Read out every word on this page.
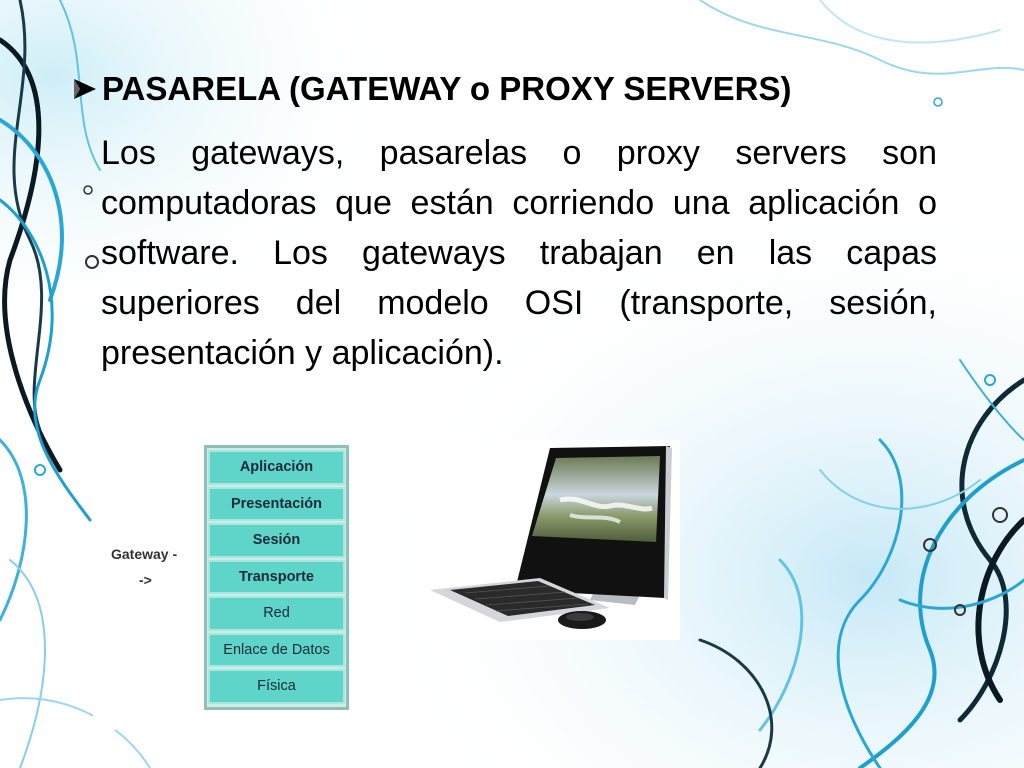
PASARELA (GATEWAY o PROXY SERVERS)
Los gateways, pasarelas o proxy servers son computadoras que están corriendo una aplicación o software. Los gateways trabajan en las capas superiores del modelo OSI (transporte, sesión, presentación y aplicación).
Gateway -
->
Aplicación
Presentación
Sesión
Transporte
Red
Enlace de Datos
Física
